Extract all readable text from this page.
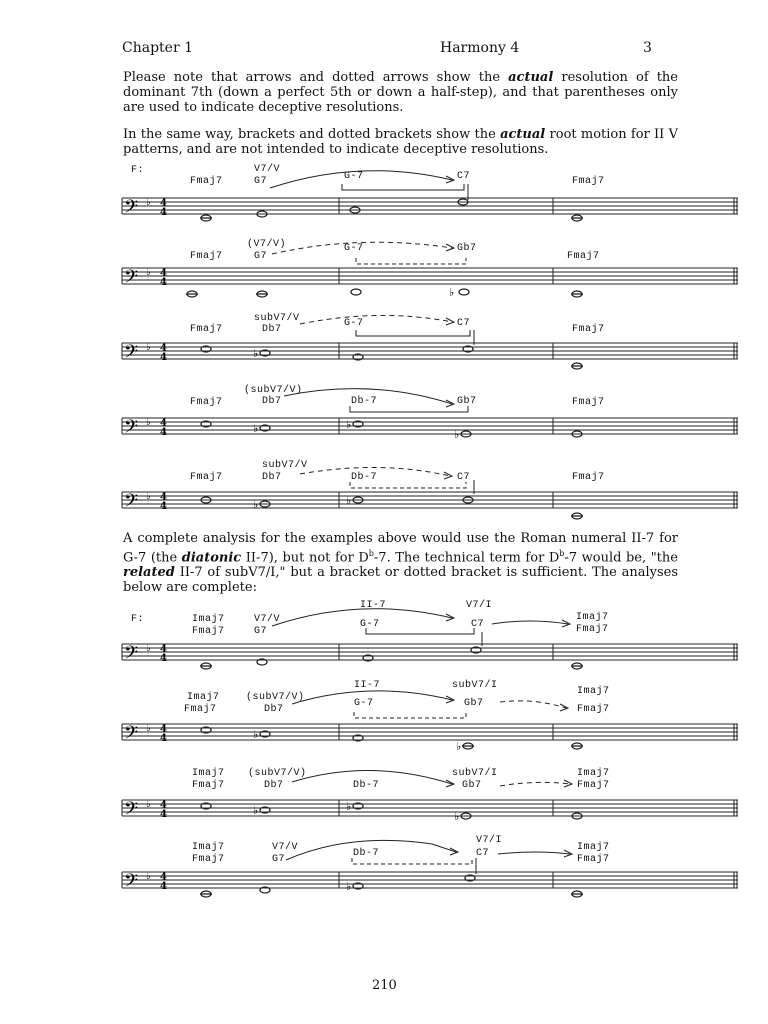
Chapter 1	Harmony 4	3
Please note that arrows and dotted arrows show the actual resolution of the dominant 7th (down a perfect 5th or down a half-step), and that parentheses only are used to indicate deceptive resolutions.
In the same way, brackets and dotted brackets show the actual root motion for II V patterns, and are not intended to indicate deceptive resolutions.
F:
Fmaj7
V7/V
G7	G-7	C7	Fmaj7
𝄢 ♭ 4
4
Fmaj7
(V7/V)
G7
G-7	Gb7
Fmaj7
𝄢 ♭ 4
4
♭
subV7/V
Fmaj7	Db7
G-7	C7
Fmaj7
𝄢 ♭ 4
4	♭
(subV7/V)
Fmaj7	Db7	Db-7	Gb7	Fmaj7
𝄢 ♭ 4
4	♭	♭
♭
subV7/V
Fmaj7	Db7	Db-7	C7	Fmaj7
𝄢 ♭ 4
4	♭	♭
A complete analysis for the examples above would use the Roman numeral II-7 for G-7 (the diatonic II-7), but not for $D^b-7$. The technical term for $D^b-7$ would be, "the related II-7 of subV7/I," but a bracket or dotted bracket is sufficient. The analyses below are complete:
F:	Imaj7
Fmaj7
V7/V
G7
II-7
G-7
V7/I
C7
Imaj7
Fmaj7
𝄢 ♭ 4
4
Imaj7
Fmaj7
(subV7/V)
Db7
II-7
G-7
subV7/I
Gb7
Imaj7
Fmaj7
𝄢 ♭ 4
4	♭
♭
Imaj7
Fmaj7
(subV7/V)
Db7	Db-7
subV7/I
Gb7
Imaj7
Fmaj7
𝄢 ♭ 4
4	♭	♭
♭
Imaj7
Fmaj7
V7/V
G7
Db-7
V7/I
C7
Imaj7
Fmaj7
𝄢 ♭ 4
4	♭
210
